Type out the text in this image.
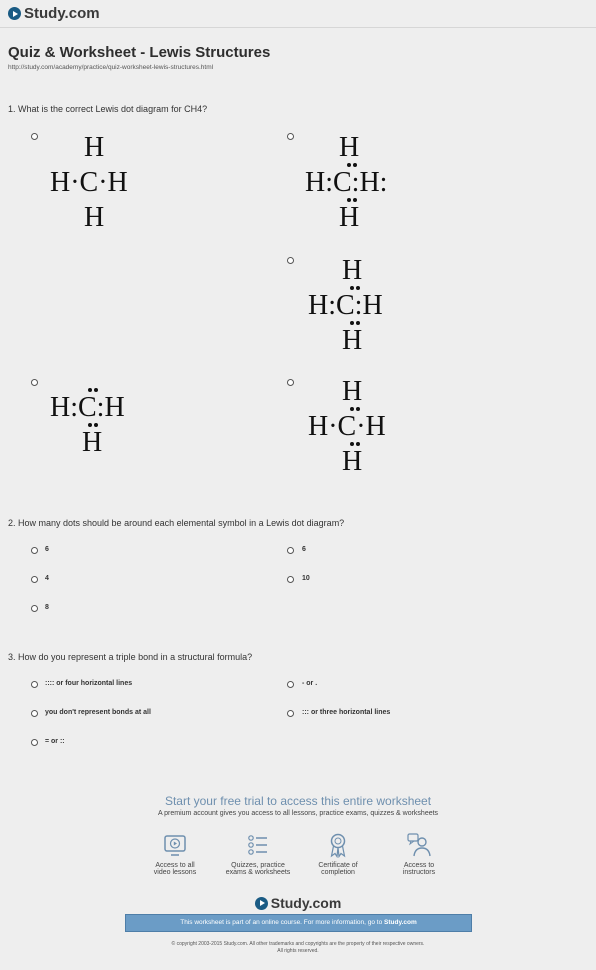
Study.com
Quiz & Worksheet - Lewis Structures
http://study.com/academy/practice/quiz-worksheet-lewis-structures.html
1. What is the correct Lewis dot diagram for CH4?
H
H·C·H
H
H
H:C:H:
H
H
H:C:H
H
H:C:H
H
H
H·C·H
H
2. How many dots should be around each elemental symbol in a Lewis dot diagram?
6	6
4	10
8
3. How do you represent a triple bond in a structural formula?
:::: or four horizontal lines	- or .
you don't represent bonds at all	::: or three horizontal lines
= or ::
Start your free trial to access this entire worksheet
A premium account gives you access to all lessons, practice exams, quizzes & worksheets
Access to all
video lessons
Quizzes, practice
exams & worksheets
Certificate of
completion
Access to
instructors
Study.com
This worksheet is part of an online course. For more information, go to Study.com
© copyright 2003-2015 Study.com. All other trademarks and copyrights are the property of their respective owners.
All rights reserved.
